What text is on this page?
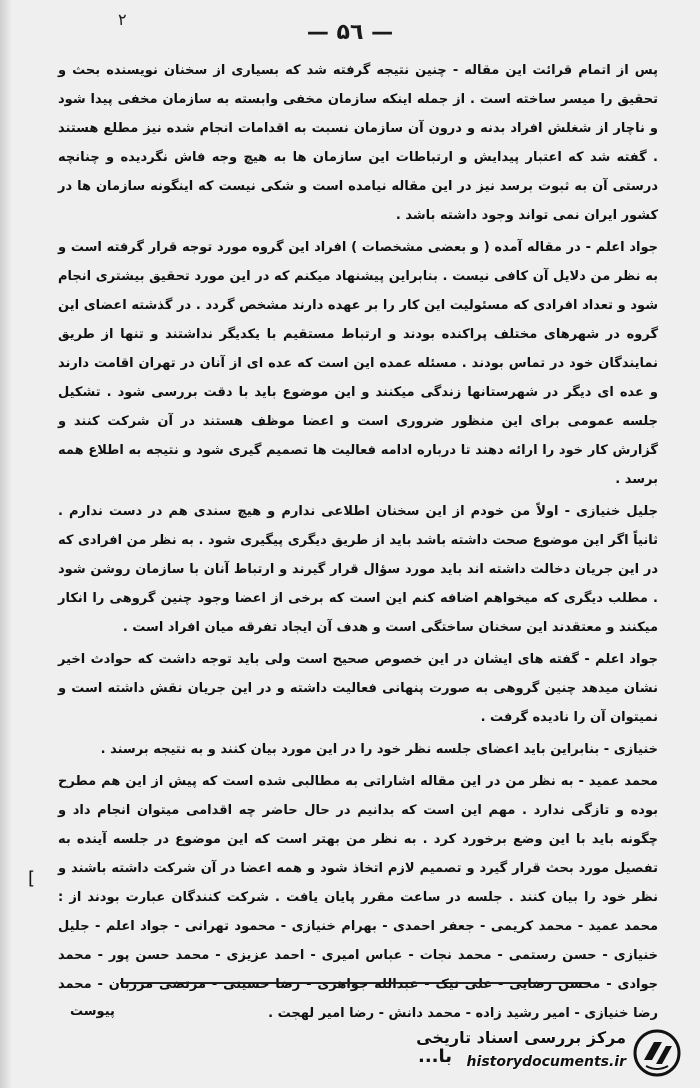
۲
— ۵٦ —

پس از اتمام قرائت این مقاله - چنین نتیجه گرفته شد که بسیاری از سخنان نویسنده بحث و تحقیق را میسر ساخته است . از جمله اینکه سازمان مخفی وابسته به سازمان مخفی پیدا شود و ناچار از شغلش افراد بدنه و درون آن سازمان نسبت به اقدامات انجام شده نیز مطلع هستند . گفته شد که اعتبار پیدایش و ارتباطات این سازمان ها به هیچ وجه فاش نگردیده و چنانچه درستی آن به ثبوت برسد نیز در این مقاله نیامده است و شکی نیست که اینگونه سازمان ها در کشور ایران نمی تواند وجود داشته باشد .

جواد اعلم - در مقاله آمده ( و بعضی مشخصات ) افراد این گروه مورد توجه قرار گرفته است و به نظر من دلایل آن کافی نیست . بنابراین پیشنهاد میکنم که در این مورد تحقیق بیشتری انجام شود و تعداد افرادی که مسئولیت این کار را بر عهده دارند مشخص گردد . در گذشته اعضای این گروه در شهرهای مختلف پراکنده بودند و ارتباط مستقیم با یکدیگر نداشتند و تنها از طریق نمایندگان خود در تماس بودند . مسئله عمده این است که عده ای از آنان در تهران اقامت دارند و عده ای دیگر در شهرستانها زندگی میکنند و این موضوع باید با دقت بررسی شود . تشکیل جلسه عمومی برای این منظور ضروری است و اعضا موظف هستند در آن شرکت کنند و گزارش کار خود را ارائه دهند تا درباره ادامه فعالیت ها تصمیم گیری شود و نتیجه به اطلاع همه برسد .

جلیل خنیازی - اولاً من خودم از این سخنان اطلاعی ندارم و هیچ سندی هم در دست ندارم . ثانیاً اگر این موضوع صحت داشته باشد باید از طریق دیگری پیگیری شود . به نظر من افرادی که در این جریان دخالت داشته اند باید مورد سؤال قرار گیرند و ارتباط آنان با سازمان روشن شود . مطلب دیگری که میخواهم اضافه کنم این است که برخی از اعضا وجود چنین گروهی را انکار میکنند و معتقدند این سخنان ساختگی است و هدف آن ایجاد تفرقه میان افراد است .

جواد اعلم - گفته های ایشان در این خصوص صحیح است ولی باید توجه داشت که حوادث اخیر نشان میدهد چنین گروهی به صورت پنهانی فعالیت داشته و در این جریان نقش داشته است و نمیتوان آن را نادیده گرفت .

خنیازی - بنابراین باید اعضای جلسه نظر خود را در این مورد بیان کنند و به نتیجه برسند .

محمد عمید - به نظر من در این مقاله اشاراتی به مطالبی شده است که پیش از این هم مطرح بوده و تازگی ندارد . مهم این است که بدانیم در حال حاضر چه اقدامی میتوان انجام داد و چگونه باید با این وضع برخورد کرد . به نظر من بهتر است که این موضوع در جلسه آینده به تفصیل مورد بحث قرار گیرد و تصمیم لازم اتخاذ شود و همه اعضا در آن شرکت داشته باشند و نظر خود را بیان کنند . جلسه در ساعت مقرر پایان یافت . شرکت کنندگان عبارت بودند از : محمد عمید - محمد کریمی - جعفر احمدی - بهرام خنیازی - محمود تهرانی - جواد اعلم - جلیل خنیازی - حسن رستمی - محمد نجات - عباس امیری - احمد عزیزی - محمد حسن پور - محمد جوادی - محسن رضایی - علی نیک - عبدالله جواهری - رضا حسینی - مرتضی مرزبان - محمد رضا خنیازی - امیر رشید زاده - محمد دانش - رضا امیر لهجت .

[
پیوست
با...
مرکز بررسی اسناد تاریخی
historydocuments.ir
